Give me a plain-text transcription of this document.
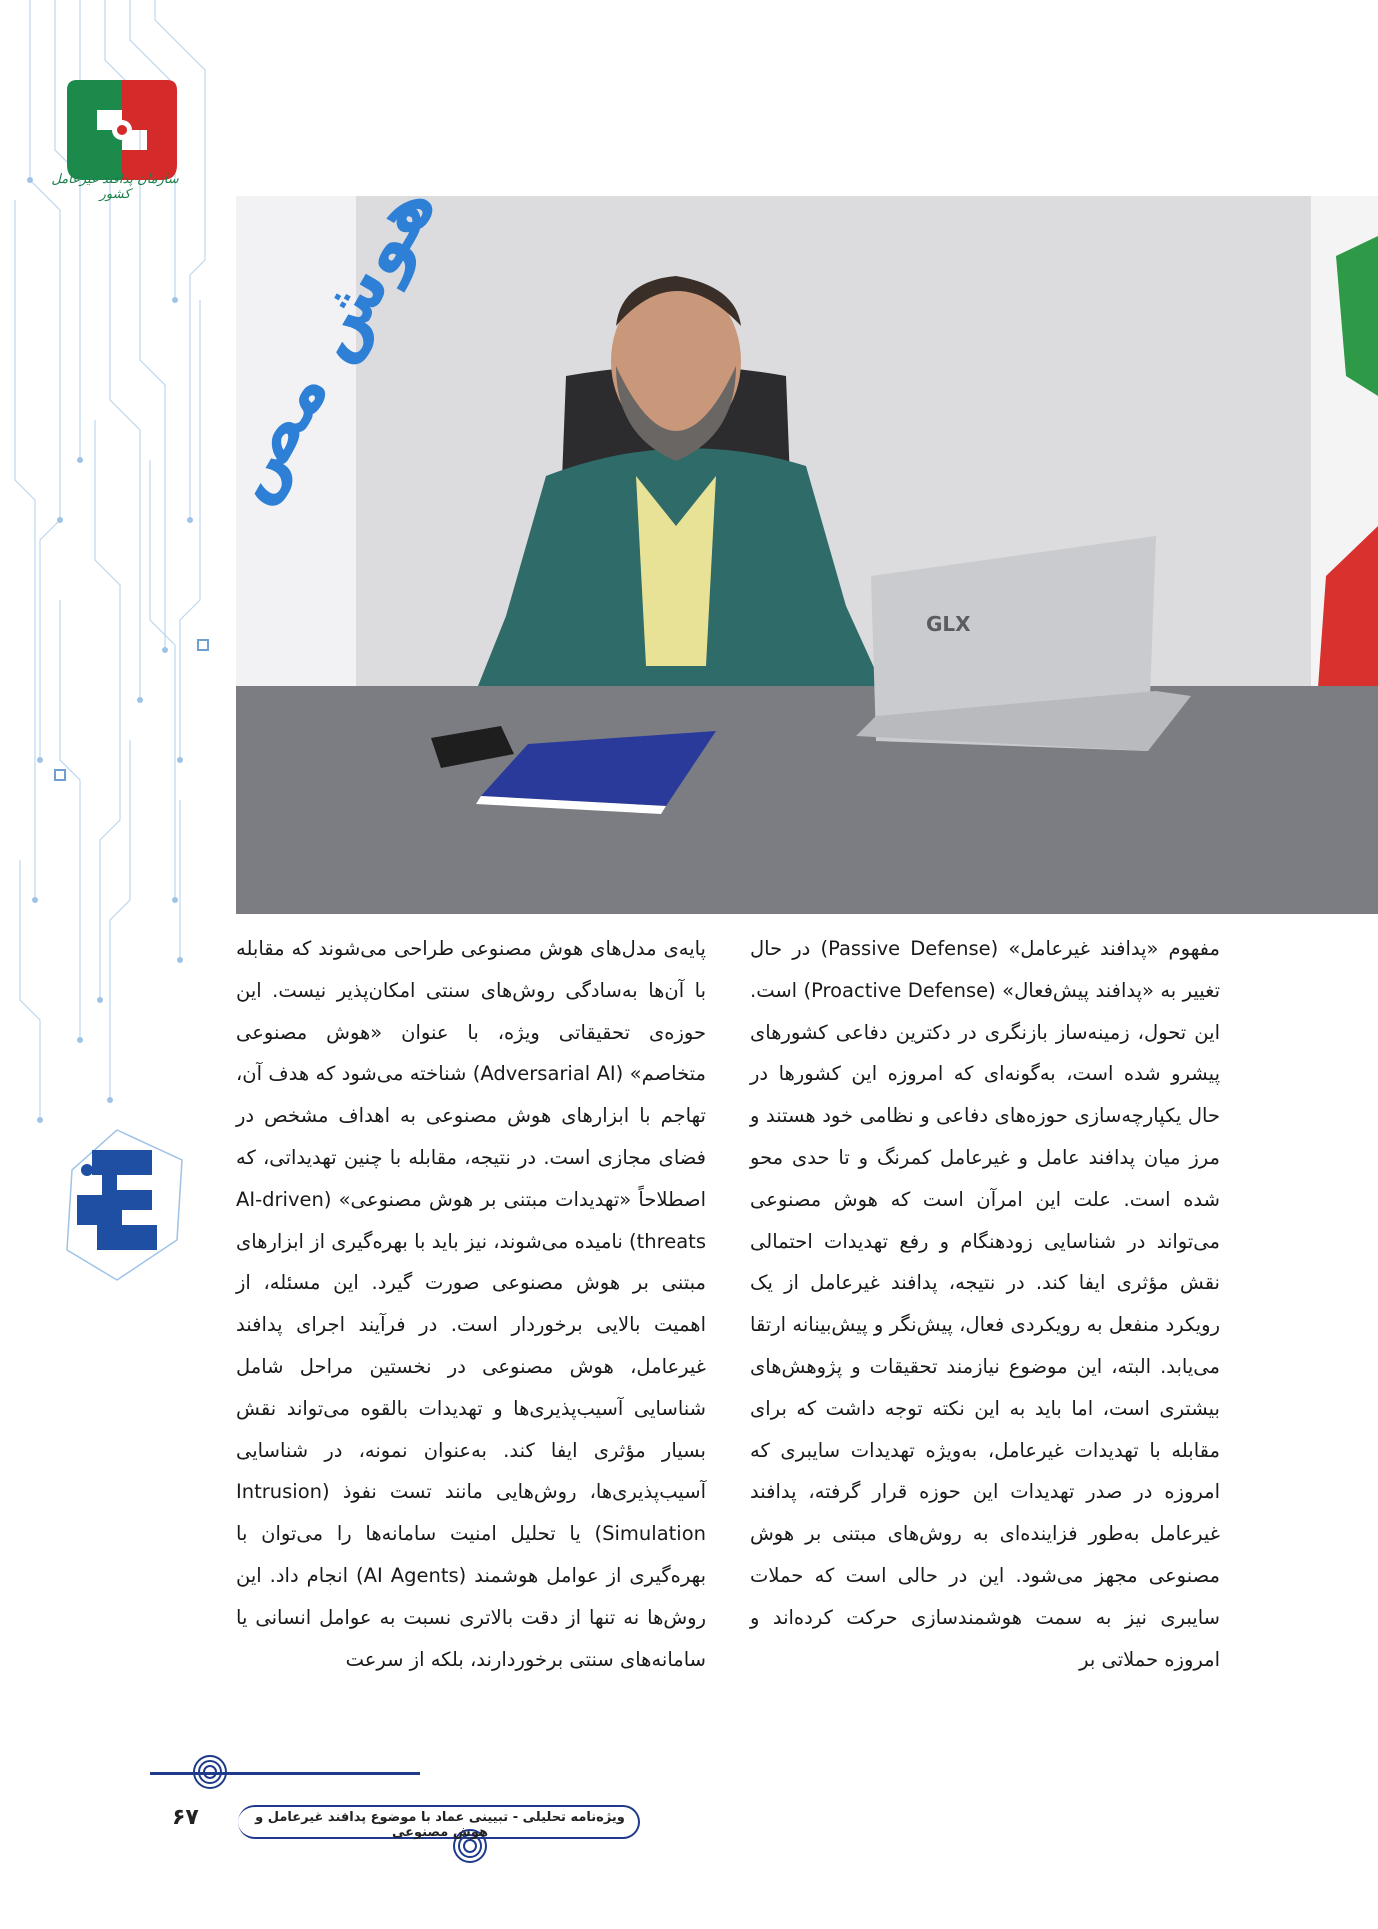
سازمان پدافند غیرعامل کشور	هوش مص
GLX

مفهوم «پدافند غیرعامل» (Passive Defense) در حال تغییر به «پدافند پیش‌فعال» (Proactive Defense) است. این تحول، زمینه‌ساز بازنگری در دکترین دفاعی کشورهای پیشرو شده است، به‌گونه‌ای که امروزه این کشورها در حال یکپارچه‌سازی حوزه‌های دفاعی و نظامی خود هستند و مرز میان پدافند عامل و غیرعامل کمرنگ و تا حدی محو شده است. علت این امرآن است که هوش مصنوعی می‌تواند در شناسایی زودهنگام و رفع تهدیدات احتمالی نقش مؤثری ایفا کند. در نتیجه، پدافند غیرعامل از یک رویکرد منفعل به رویکردی فعال، پیش‌نگر و پیش‌بینانه ارتقا می‌یابد. البته، این موضوع نیازمند تحقیقات و پژوهش‌های بیشتری است، اما باید به این نکته توجه داشت که برای مقابله با تهدیدات غیرعامل، به‌ویژه تهدیدات سایبری که امروزه در صدر تهدیدات این حوزه قرار گرفته، پدافند غیرعامل به‌طور فزاینده‌ای به روش‌های مبتنی بر هوش مصنوعی مجهز می‌شود. این در حالی است که حملات سایبری نیز به سمت هوشمندسازی حرکت کرده‌اند و امروزه حملاتی بر

پایه‌ی مدل‌های هوش مصنوعی طراحی می‌شوند که مقابله با آن‌ها به‌سادگی روش‌های سنتی امکان‌پذیر نیست. این حوزه‌ی تحقیقاتی ویژه، با عنوان «هوش مصنوعی متخاصم» (Adversarial AI) شناخته می‌شود که هدف آن، تهاجم با ابزارهای هوش مصنوعی به اهداف مشخص در فضای مجازی است. در نتیجه، مقابله با چنین تهدیداتی، که اصطلاحاً «تهدیدات مبتنی بر هوش مصنوعی» (AI-driven threats) نامیده می‌شوند، نیز باید با بهره‌گیری از ابزارهای مبتنی بر هوش مصنوعی صورت گیرد. این مسئله، از اهمیت بالایی برخوردار است. در فرآیند اجرای پدافند غیرعامل، هوش مصنوعی در نخستین مراحل شامل شناسایی آسیب‌پذیری‌ها و تهدیدات بالقوه می‌تواند نقش بسیار مؤثری ایفا کند. به‌عنوان نمونه، در شناسایی آسیب‌پذیری‌ها، روش‌هایی مانند تست نفوذ (Intrusion Simulation) یا تحلیل امنیت سامانه‌ها را می‌توان با بهره‌گیری از عوامل هوشمند (AI Agents) انجام داد. این روش‌ها نه تنها از دقت بالاتری نسبت به عوامل انسانی یا سامانه‌های سنتی برخوردارند، بلکه از سرعت

ویژه‌نامه تحلیلی - تبیینی عماد با موضوع پدافند غیرعامل و هوش مصنوعی
۶۷
